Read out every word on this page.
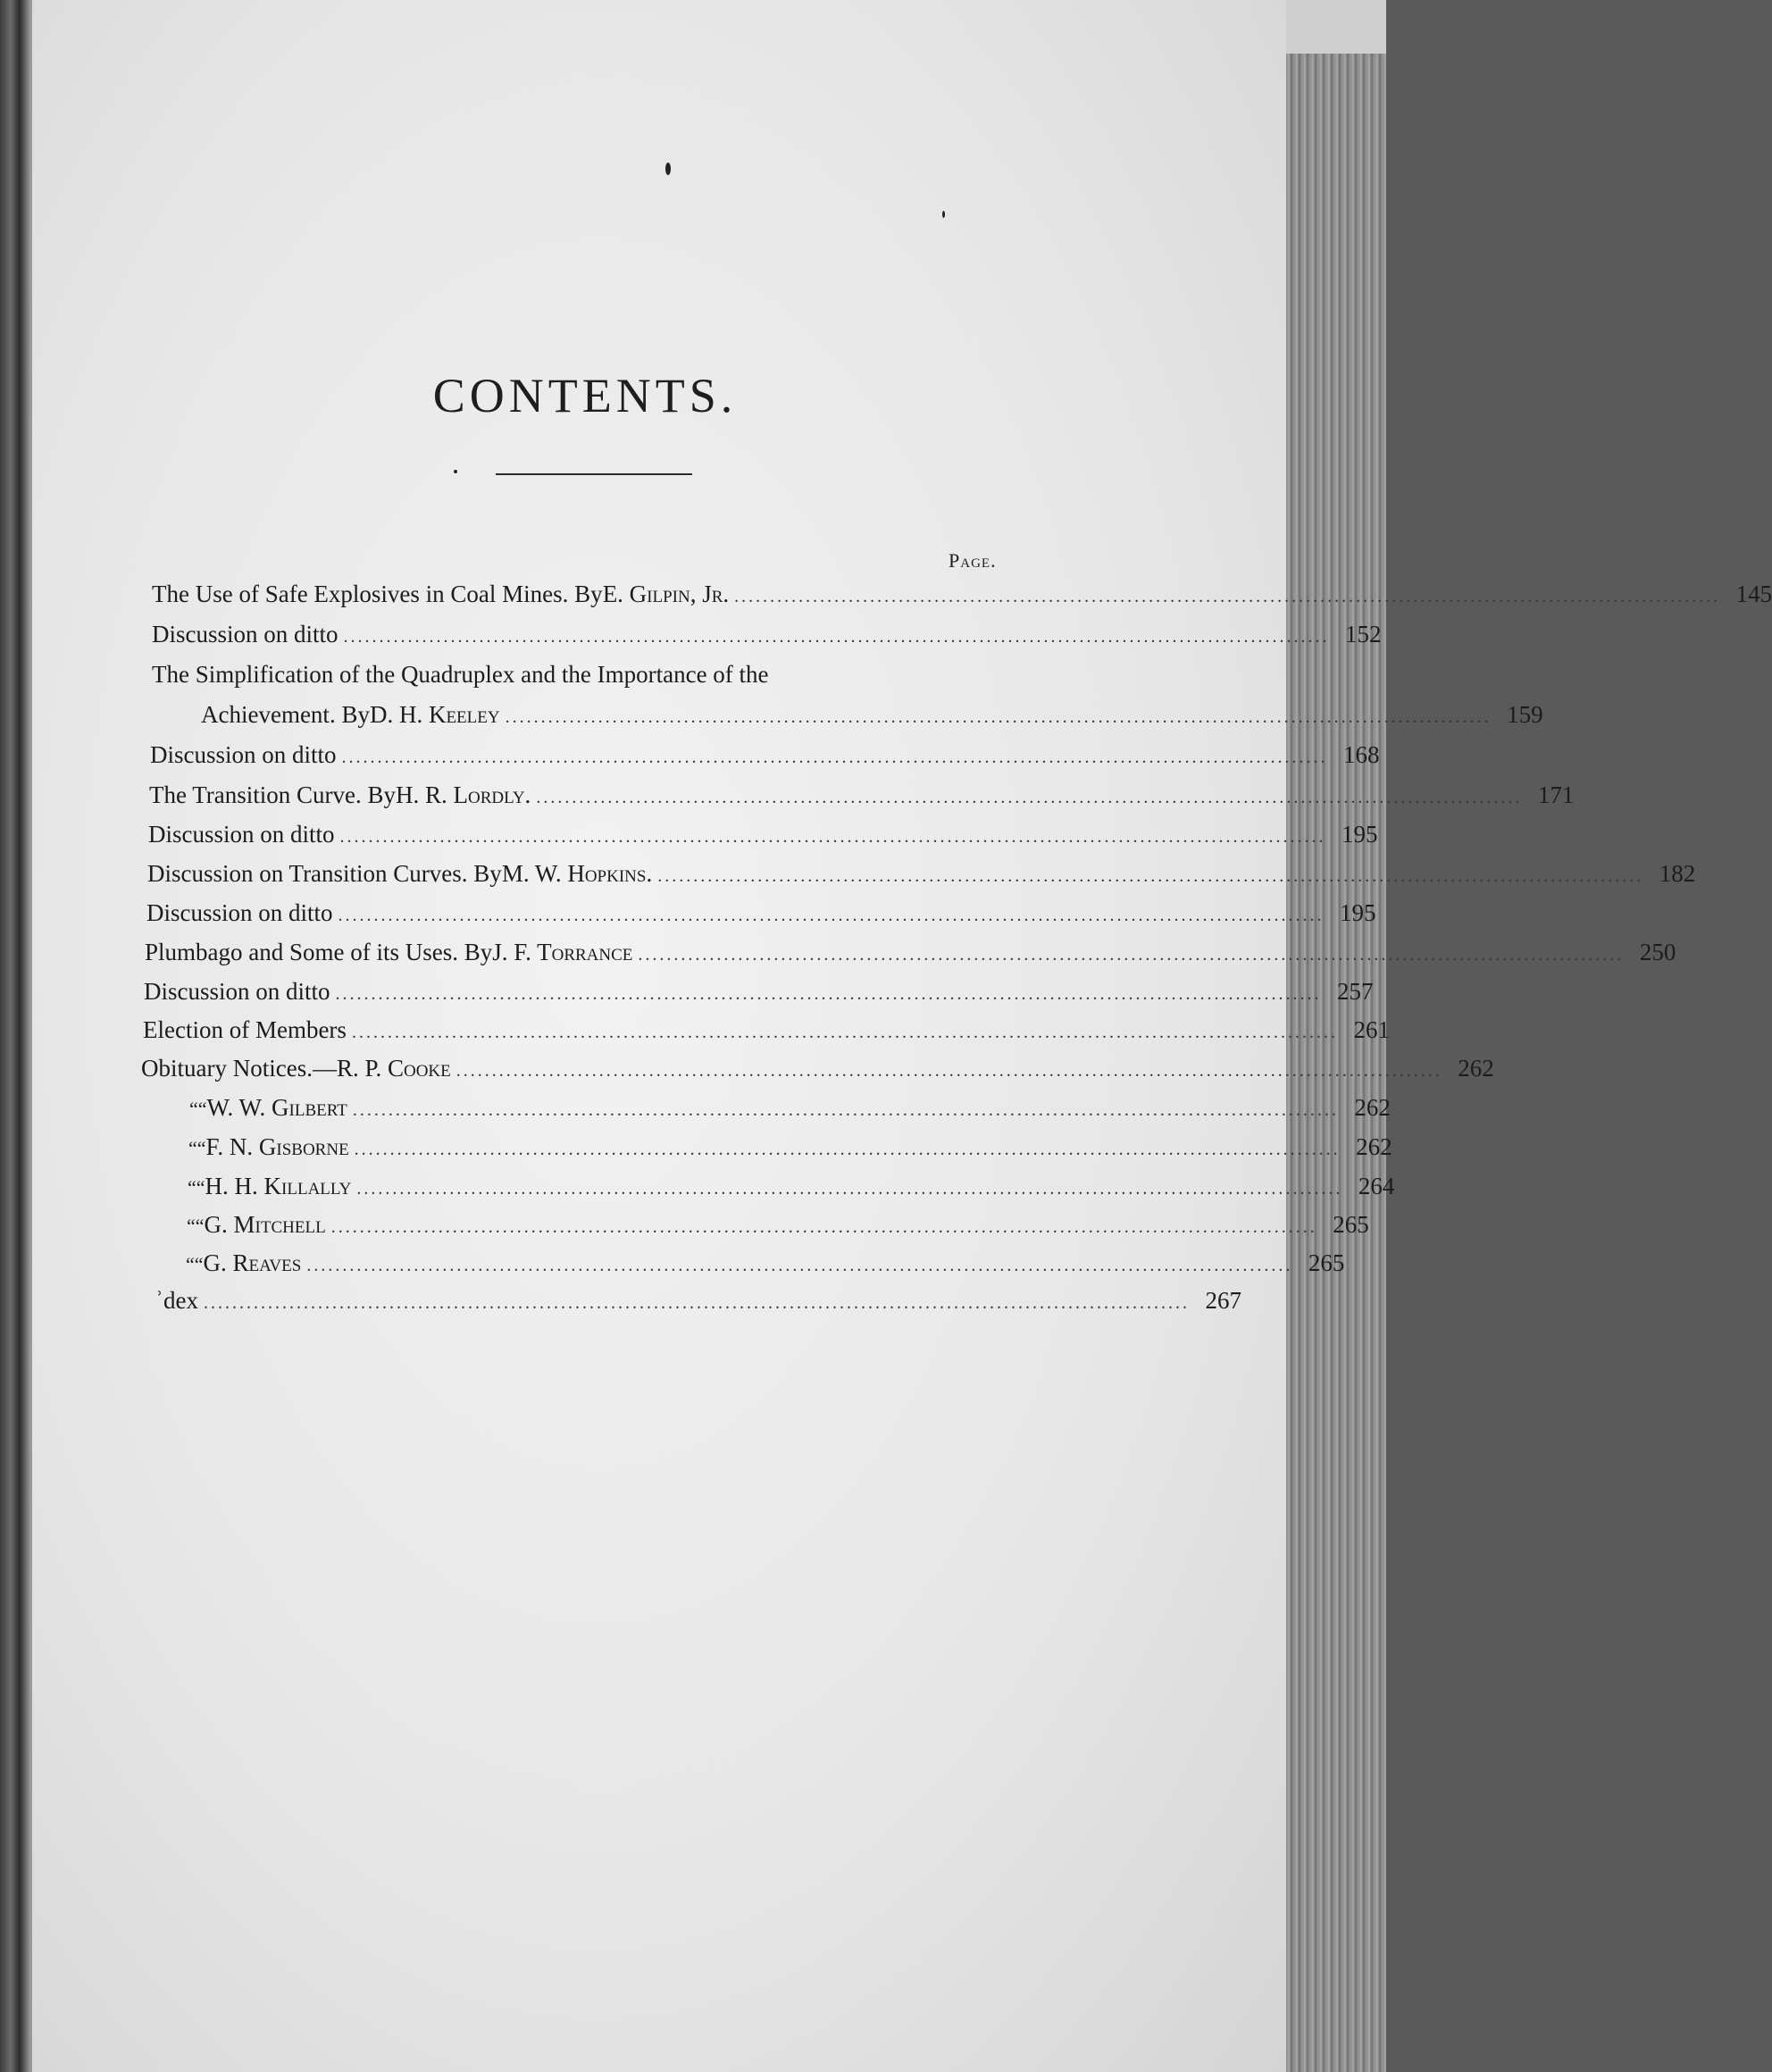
CONTENTS.
Page.
The Use of Safe Explosives in Coal Mines. By E. Gilpin, Jr. .......................................................................................................................................... 145
Discussion on ditto .......................................................................................................................................... 152
The Simplification of the Quadruplex and the Importance of the
Achievement. By D. H. Keeley .......................................................................................................................................... 159
Discussion on ditto .......................................................................................................................................... 168
The Transition Curve. By H. R. Lordly. .......................................................................................................................................... 171
Discussion on ditto .......................................................................................................................................... 195
Discussion on Transition Curves. By M. W. Hopkins. .......................................................................................................................................... 182
Discussion on ditto .......................................................................................................................................... 195
Plumbago and Some of its Uses. By J. F. Torrance .......................................................................................................................................... 250
Discussion on ditto .......................................................................................................................................... 257
Election of Members .......................................................................................................................................... 261
Obituary Notices.— R. P. Cooke .......................................................................................................................................... 262
“ “ W. W. Gilbert .......................................................................................................................................... 262
“ “ F. N. Gisborne .......................................................................................................................................... 262
“ “ H. H. Killally .......................................................................................................................................... 264
“ “ G. Mitchell .......................................................................................................................................... 265
“ “ G. Reaves .......................................................................................................................................... 265
ʾdex .......................................................................................................................................... 267
